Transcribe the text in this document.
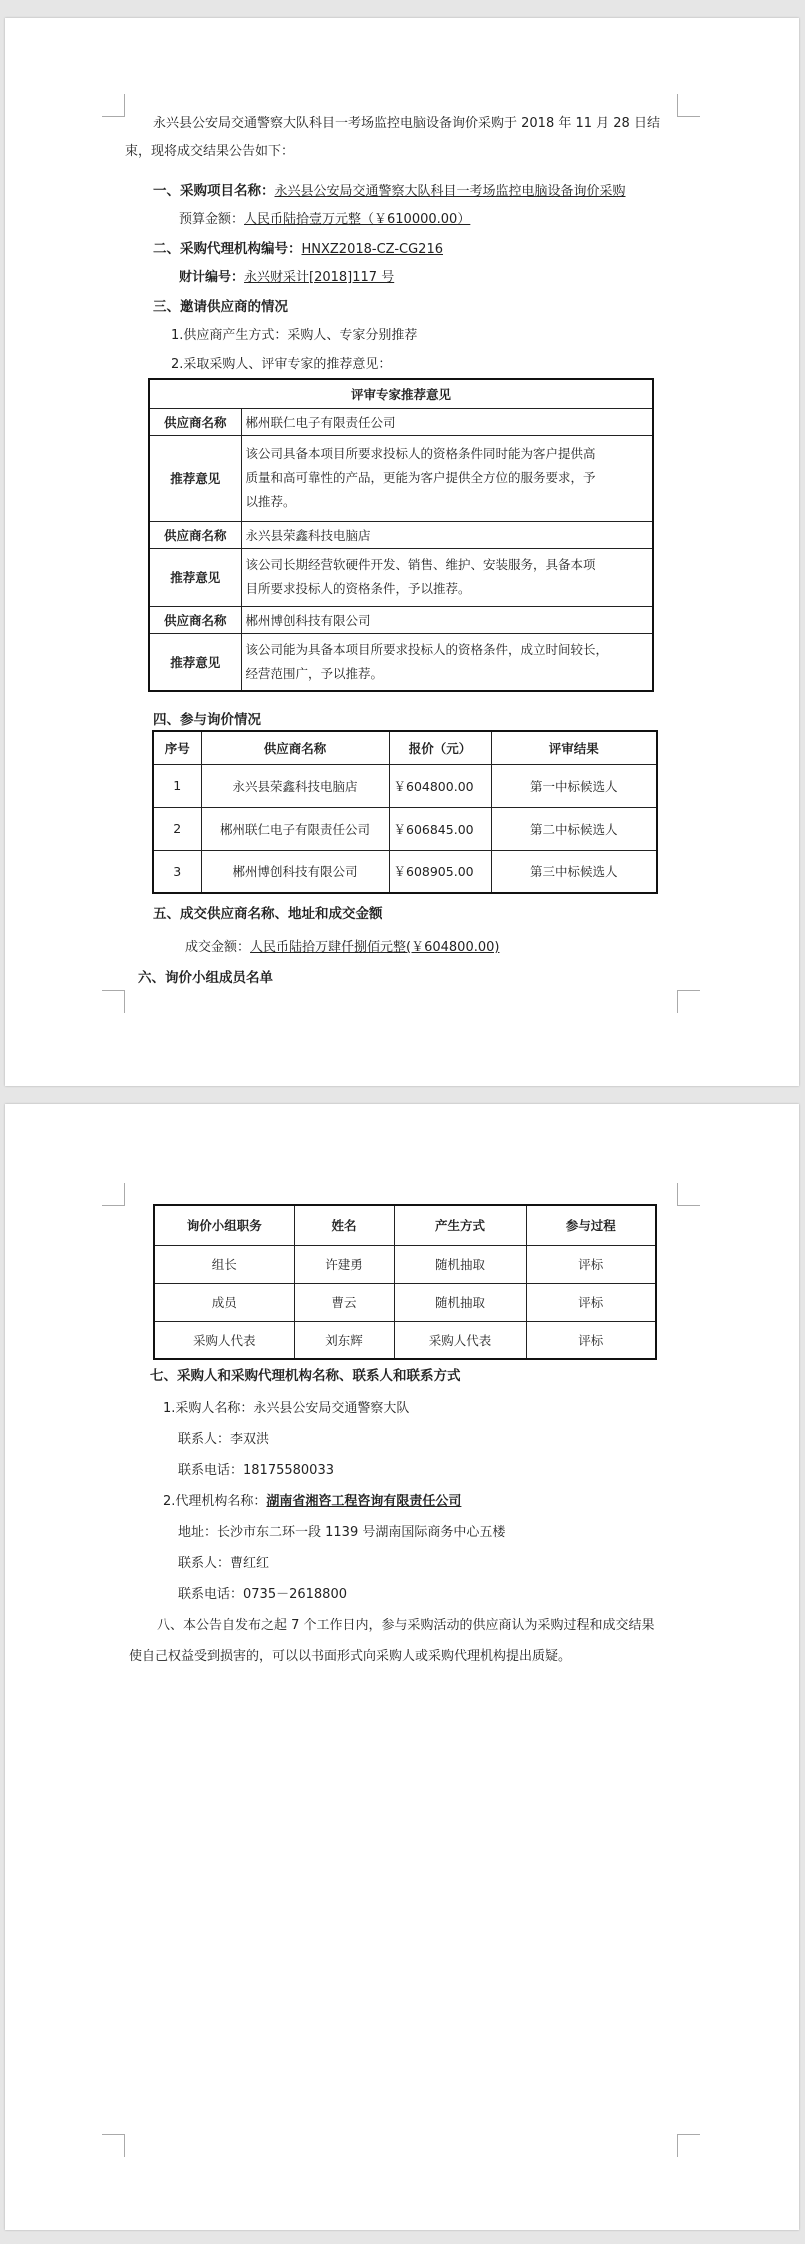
永兴县公安局交通警察大队科目一考场监控电脑设备询价采购于 2018 年 11 月 28 日结
束，现将成交结果公告如下：
一、采购项目名称：永兴县公安局交通警察大队科目一考场监控电脑设备询价采购
预算金额：人民币陆拾壹万元整（￥610000.00）
二、采购代理机构编号：HNXZ2018-CZ-CG216
财计编号：永兴财采计[2018]117 号
三、邀请供应商的情况
1.供应商产生方式：采购人、专家分别推荐
2.采取采购人、评审专家的推荐意见：
评审专家推荐意见	
供应商名称	郴州联仁电子有限责任公司
推荐意见	该公司具备本项目所要求投标人的资格条件同时能为客户提供高
质量和高可靠性的产品，更能为客户提供全方位的服务要求，予
以推荐。

供应商名称	永兴县荣鑫科技电脑店
推荐意见	该公司长期经营软硬件开发、销售、维护、安装服务，具备本项
目所要求投标人的资格条件，予以推荐。

供应商名称	郴州博创科技有限公司
推荐意见	该公司能为具备本项目所要求投标人的资格条件，成立时间较长，
经营范围广，予以推荐。
四、参与询价情况
序号	供应商名称	报价（元）	评审结果
1	永兴县荣鑫科技电脑店	￥604800.00	第一中标候选人
2	郴州联仁电子有限责任公司	￥606845.00	第二中标候选人
3	郴州博创科技有限公司	￥608905.00	第三中标候选人
五、成交供应商名称、地址和成交金额
成交金额：人民币陆拾万肆仟捌佰元整(￥604800.00)
六、询价小组成员名单
询价小组职务	姓名	产生方式	参与过程
组长	许建勇	随机抽取	评标
成员	曹云	随机抽取	评标
采购人代表	刘东辉	采购人代表	评标
七、采购人和采购代理机构名称、联系人和联系方式
1.采购人名称：永兴县公安局交通警察大队
联系人：李双洪
联系电话：18175580033
2.代理机构名称：湖南省湘咨工程咨询有限责任公司
地址：长沙市东二环一段 1139 号湖南国际商务中心五楼
联系人：曹红红
联系电话：0735－2618800
八、本公告自发布之起 7 个工作日内，参与采购活动的供应商认为采购过程和成交结果
使自己权益受到损害的，可以以书面形式向采购人或采购代理机构提出质疑。
